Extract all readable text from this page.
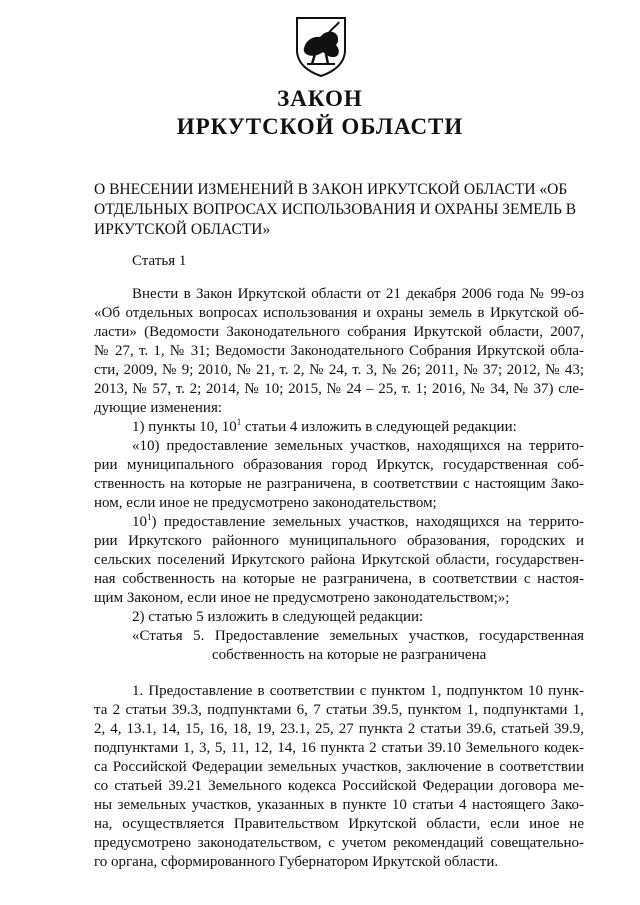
ЗАКОН
ИРКУТСКОЙ ОБЛАСТИ
О ВНЕСЕНИИ ИЗМЕНЕНИЙ В ЗАКОН ИРКУТСКОЙ ОБЛАСТИ «ОБ
ОТДЕЛЬНЫХ ВОПРОСАХ ИСПОЛЬЗОВАНИЯ И ОХРАНЫ ЗЕМЕЛЬ В
ИРКУТСКОЙ ОБЛАСТИ»
Статья 1
Внести в Закон Иркутской области от 21 декабря 2006 года № 99-оз
«Об отдельных вопросах использования и охраны земель в Иркутской об-
ласти» (Ведомости Законодательного собрания Иркутской области, 2007,
№ 27, т. 1, № 31; Ведомости Законодательного Собрания Иркутской обла-
сти, 2009, № 9; 2010, № 21, т. 2, № 24, т. 3, № 26; 2011, № 37; 2012, № 43;
2013, № 57, т. 2; 2014, № 10; 2015, № 24 – 25, т. 1; 2016, № 34, № 37) сле-
дующие изменения:
1) пункты 10, $10^1$ статьи 4 изложить в следующей редакции:
«10) предоставление земельных участков, находящихся на террито-
рии муниципального образования город Иркутск, государственная соб-
ственность на которые не разграничена, в соответствии с настоящим Зако-
ном, если иное не предусмотрено законодательством;
$10^1$) предоставление земельных участков, находящихся на террито-
рии Иркутского районного муниципального образования, городских и
сельских поселений Иркутского района Иркутской области, государствен-
ная собственность на которые не разграничена, в соответствии с настоя-
щим Законом, если иное не предусмотрено законодательством;»;
2) статью 5 изложить в следующей редакции:
«Статья 5. Предоставление земельных участков, государственная
собственность на которые не разграничена
1. Предоставление в соответствии с пунктом 1, подпунктом 10 пунк-
та 2 статьи 39.3, подпунктами 6, 7 статьи 39.5, пунктом 1, подпунктами 1,
2, 4, 13.1, 14, 15, 16, 18, 19, 23.1, 25, 27 пункта 2 статьи 39.6, статьей 39.9,
подпунктами 1, 3, 5, 11, 12, 14, 16 пункта 2 статьи 39.10 Земельного кодек-
са Российской Федерации земельных участков, заключение в соответствии
со статьей 39.21 Земельного кодекса Российской Федерации договора ме-
ны земельных участков, указанных в пункте 10 статьи 4 настоящего Зако-
на, осуществляется Правительством Иркутской области, если иное не
предусмотрено законодательством, с учетом рекомендаций совещательно-
го органа, сформированного Губернатором Иркутской области.
